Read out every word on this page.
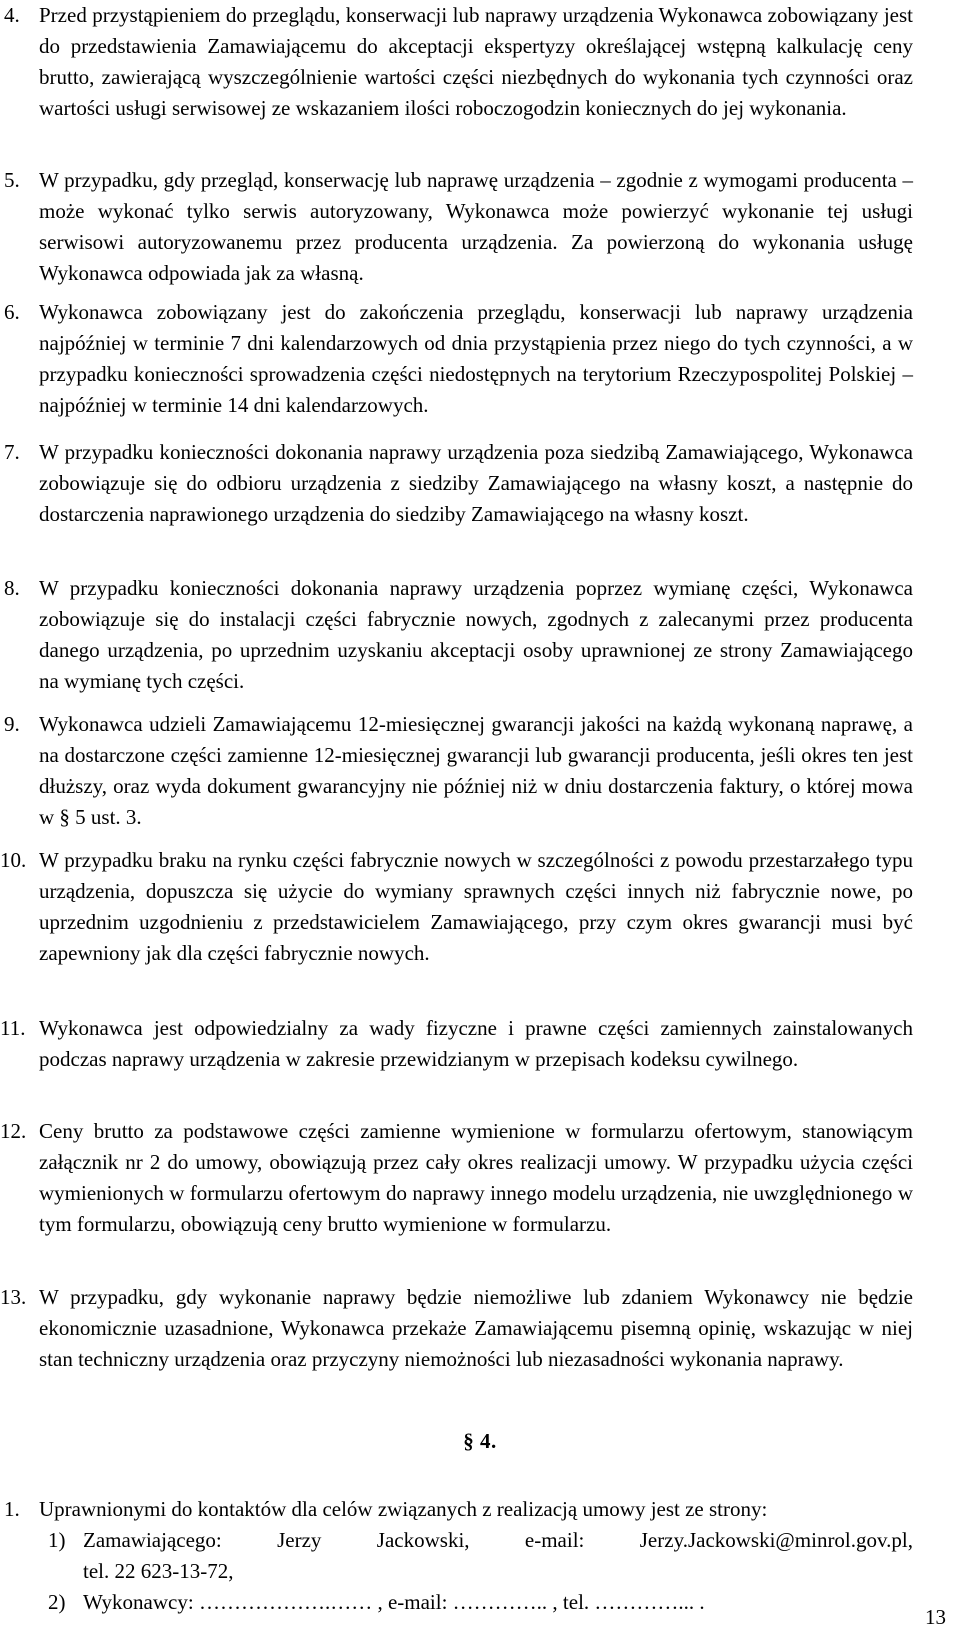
4. Przed przystąpieniem do przeglądu, konserwacji lub naprawy urządzenia Wykonawca zobowiązany jest do przedstawienia Zamawiającemu do akceptacji ekspertyzy określającej wstępną kalkulację ceny brutto, zawierającą wyszczególnienie wartości części niezbędnych do wykonania tych czynności oraz wartości usługi serwisowej ze wskazaniem ilości roboczogodzin koniecznych do jej wykonania.
5. W przypadku, gdy przegląd, konserwację lub naprawę urządzenia – zgodnie z wymogami producenta – może wykonać tylko serwis autoryzowany, Wykonawca może powierzyć wykonanie tej usługi serwisowi autoryzowanemu przez producenta urządzenia. Za powierzoną do wykonania usługę Wykonawca odpowiada jak za własną.
6. Wykonawca zobowiązany jest do zakończenia przeglądu, konserwacji lub naprawy urządzenia najpóźniej w terminie 7 dni kalendarzowych od dnia przystąpienia przez niego do tych czynności, a w przypadku konieczności sprowadzenia części niedostępnych na terytorium Rzeczypospolitej Polskiej – najpóźniej w terminie 14 dni kalendarzowych.
7. W przypadku konieczności dokonania naprawy urządzenia poza siedzibą Zamawiającego, Wykonawca zobowiązuje się do odbioru urządzenia z siedziby Zamawiającego na własny koszt, a następnie do dostarczenia naprawionego urządzenia do siedziby Zamawiającego na własny koszt.
8. W przypadku konieczności dokonania naprawy urządzenia poprzez wymianę części, Wykonawca zobowiązuje się do instalacji części fabrycznie nowych, zgodnych z zalecanymi przez producenta danego urządzenia, po uprzednim uzyskaniu akceptacji osoby uprawnionej ze strony Zamawiającego na wymianę tych części.
9. Wykonawca udzieli Zamawiającemu 12-miesięcznej gwarancji jakości na każdą wykonaną naprawę, a na dostarczone części zamienne 12-miesięcznej gwarancji lub gwarancji producenta, jeśli okres ten jest dłuższy, oraz wyda dokument gwarancyjny nie później niż w dniu dostarczenia faktury, o której mowa w § 5 ust. 3.
10. W przypadku braku na rynku części fabrycznie nowych w szczególności z powodu przestarzałego typu urządzenia, dopuszcza się użycie do wymiany sprawnych części innych niż fabrycznie nowe, po uprzednim uzgodnieniu z przedstawicielem Zamawiającego, przy czym okres gwarancji musi być zapewniony jak dla części fabrycznie nowych.
11. Wykonawca jest odpowiedzialny za wady fizyczne i prawne części zamiennych zainstalowanych podczas naprawy urządzenia w zakresie przewidzianym w przepisach kodeksu cywilnego.
12. Ceny brutto za podstawowe części zamienne wymienione w formularzu ofertowym, stanowiącym załącznik nr 2 do umowy, obowiązują przez cały okres realizacji umowy. W przypadku użycia części wymienionych w formularzu ofertowym do naprawy innego modelu urządzenia, nie uwzględnionego w tym formularzu, obowiązują ceny brutto wymienione w formularzu.
13. W przypadku, gdy wykonanie naprawy będzie niemożliwe lub zdaniem Wykonawcy nie będzie ekonomicznie uzasadnione, Wykonawca przekaże Zamawiającemu pisemną opinię, wskazując w niej stan techniczny urządzenia oraz przyczyny niemożności lub niezasadności wykonania naprawy.
§ 4.
1. Uprawnionymi do kontaktów dla celów związanych z realizacją umowy jest ze strony:
1) Zamawiającego: Jerzy Jackowski, e-mail: Jerzy.Jackowski@minrol.gov.pl,
tel. 22 623-13-72,
2) Wykonawcy: ……………….…… , e-mail: ………….. , tel. …………... .
13
